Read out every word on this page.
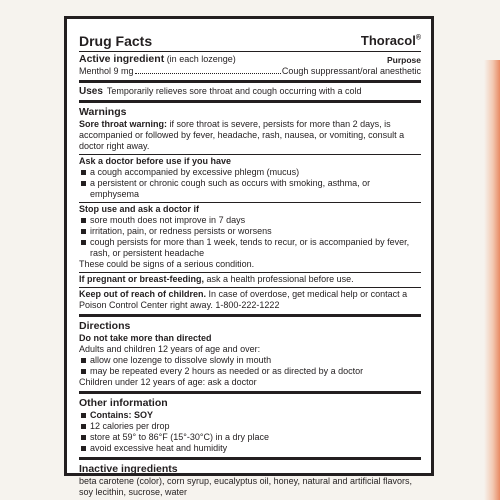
Drug Facts	Thoracol®
Active ingredient (in each lozenge)	Purpose
Menthol 9 mg	Cough suppressant/oral anesthetic
Uses Temporarily relieves sore throat and cough occurring with a cold
Warnings

Sore throat warning: if sore throat is severe, persists for more than 2 days, is accompanied or followed by fever, headache, rash, nausea, or vomiting, consult a doctor right away.

Ask a doctor before use if you have

a cough accompanied by excessive phlegm (mucus)
a persistent or chronic cough such as occurs with smoking, asthma, or emphysema

Stop use and ask a doctor if

sore mouth does not improve in 7 days
irritation, pain, or redness persists or worsens
cough persists for more than 1 week, tends to recur, or is accompanied by fever, rash, or persistent headache

These could be signs of a serious condition.

If pregnant or breast-feeding, ask a health professional before use.

Keep out of reach of children. In case of overdose, get medical help or contact a Poison Control Center right away. 1-800-222-1222

Directions

Do not take more than directed

Adults and children 12 years of age and over:

allow one lozenge to dissolve slowly in mouth
may be repeated every 2 hours as needed or as directed by a doctor

Children under 12 years of age: ask a doctor

Other information
Contains: SOY
12 calories per drop
store at 59° to 86°F (15°-30°C) in a dry place
avoid excessive heat and humidity
Inactive ingredients

beta carotene (color), corn syrup, eucalyptus oil, honey, natural and artificial flavors, soy lecithin, sucrose, water
